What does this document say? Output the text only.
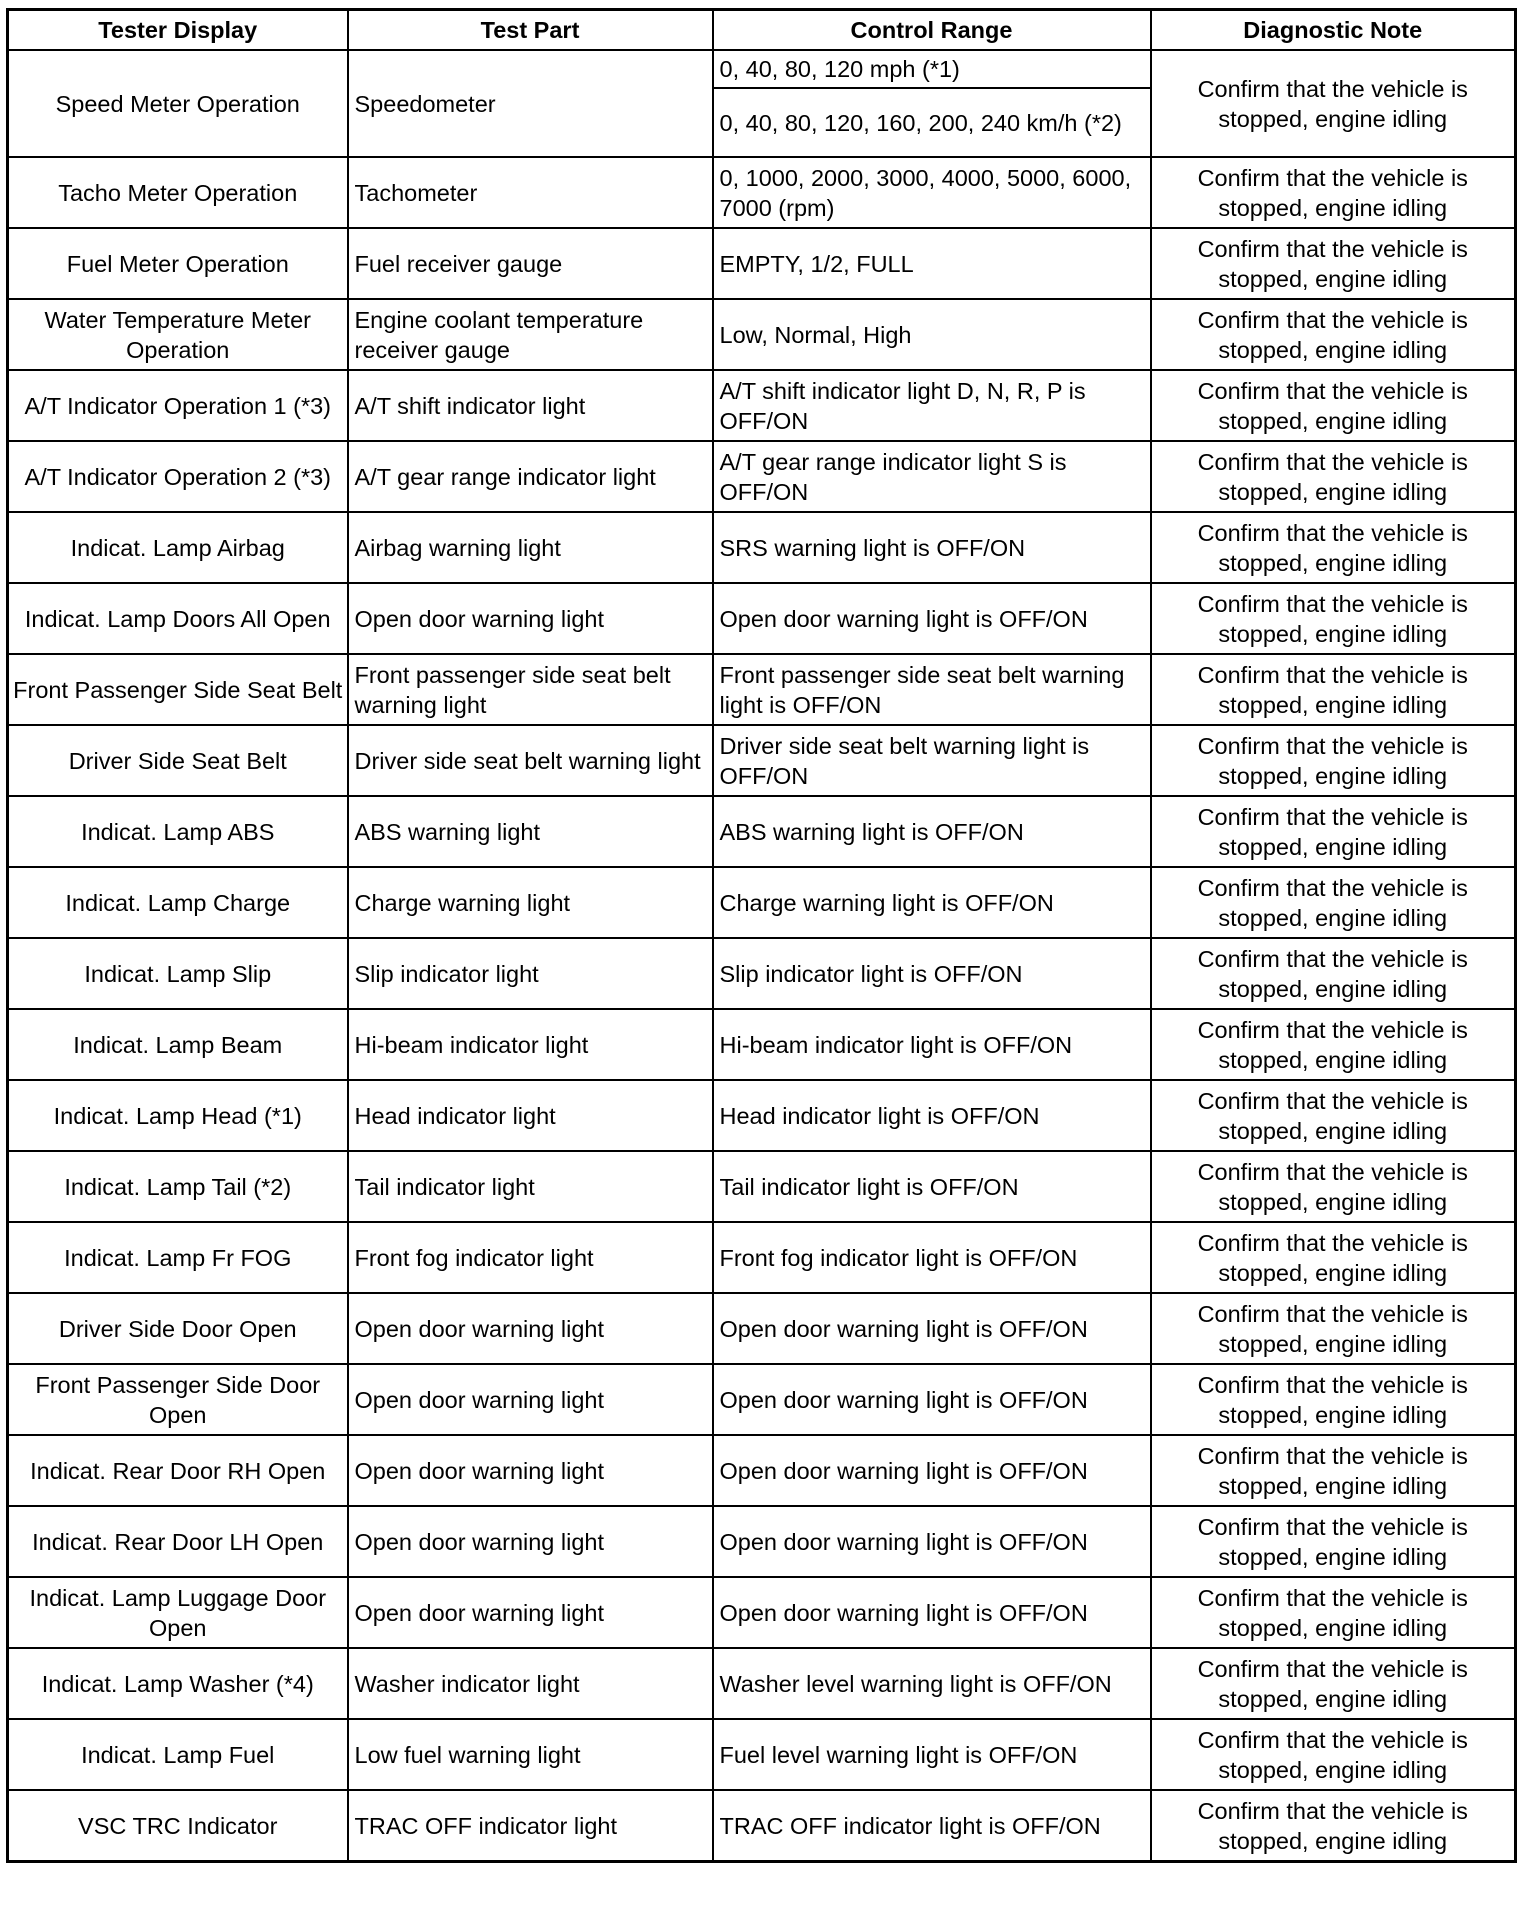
Tester Display	Test Part	Control Range	Diagnostic Note
Speed Meter Operation	Speedometer	0, 40, 80, 120 mph (*1)	Confirm that the vehicle is stopped, engine idling
		0, 40, 80, 120, 160, 200, 240 km/h (*2)	
Tacho Meter Operation	Tachometer	0, 1000, 2000, 3000, 4000, 5000, 6000, 7000 (rpm)	Confirm that the vehicle is stopped, engine idling
Fuel Meter Operation	Fuel receiver gauge	EMPTY, 1/2, FULL	Confirm that the vehicle is stopped, engine idling
Water Temperature Meter Operation	Engine coolant temperature receiver gauge	Low, Normal, High	Confirm that the vehicle is stopped, engine idling
A/T Indicator Operation 1 (*3)	A/T shift indicator light	A/T shift indicator light D, N, R, P is OFF/ON	Confirm that the vehicle is stopped, engine idling
A/T Indicator Operation 2 (*3)	A/T gear range indicator light	A/T gear range indicator light S is OFF/ON	Confirm that the vehicle is stopped, engine idling
Indicat. Lamp Airbag	Airbag warning light	SRS warning light is OFF/ON	Confirm that the vehicle is stopped, engine idling
Indicat. Lamp Doors All Open	Open door warning light	Open door warning light is OFF/ON	Confirm that the vehicle is stopped, engine idling
Front Passenger Side Seat Belt	Front passenger side seat belt warning light	Front passenger side seat belt warning light is OFF/ON	Confirm that the vehicle is stopped, engine idling
Driver Side Seat Belt	Driver side seat belt warning light	Driver side seat belt warning light is OFF/ON	Confirm that the vehicle is stopped, engine idling
Indicat. Lamp ABS	ABS warning light	ABS warning light is OFF/ON	Confirm that the vehicle is stopped, engine idling
Indicat. Lamp Charge	Charge warning light	Charge warning light is OFF/ON	Confirm that the vehicle is stopped, engine idling
Indicat. Lamp Slip	Slip indicator light	Slip indicator light is OFF/ON	Confirm that the vehicle is stopped, engine idling
Indicat. Lamp Beam	Hi-beam indicator light	Hi-beam indicator light is OFF/ON	Confirm that the vehicle is stopped, engine idling
Indicat. Lamp Head (*1)	Head indicator light	Head indicator light is OFF/ON	Confirm that the vehicle is stopped, engine idling
Indicat. Lamp Tail (*2)	Tail indicator light	Tail indicator light is OFF/ON	Confirm that the vehicle is stopped, engine idling
Indicat. Lamp Fr FOG	Front fog indicator light	Front fog indicator light is OFF/ON	Confirm that the vehicle is stopped, engine idling
Driver Side Door Open	Open door warning light	Open door warning light is OFF/ON	Confirm that the vehicle is stopped, engine idling
Front Passenger Side Door Open	Open door warning light	Open door warning light is OFF/ON	Confirm that the vehicle is stopped, engine idling
Indicat. Rear Door RH Open	Open door warning light	Open door warning light is OFF/ON	Confirm that the vehicle is stopped, engine idling
Indicat. Rear Door LH Open	Open door warning light	Open door warning light is OFF/ON	Confirm that the vehicle is stopped, engine idling
Indicat. Lamp Luggage Door Open	Open door warning light	Open door warning light is OFF/ON	Confirm that the vehicle is stopped, engine idling
Indicat. Lamp Washer (*4)	Washer indicator light	Washer level warning light is OFF/ON	Confirm that the vehicle is stopped, engine idling
Indicat. Lamp Fuel	Low fuel warning light	Fuel level warning light is OFF/ON	Confirm that the vehicle is stopped, engine idling
VSC TRC Indicator	TRAC OFF indicator light	TRAC OFF indicator light is OFF/ON	Confirm that the vehicle is stopped, engine idling
